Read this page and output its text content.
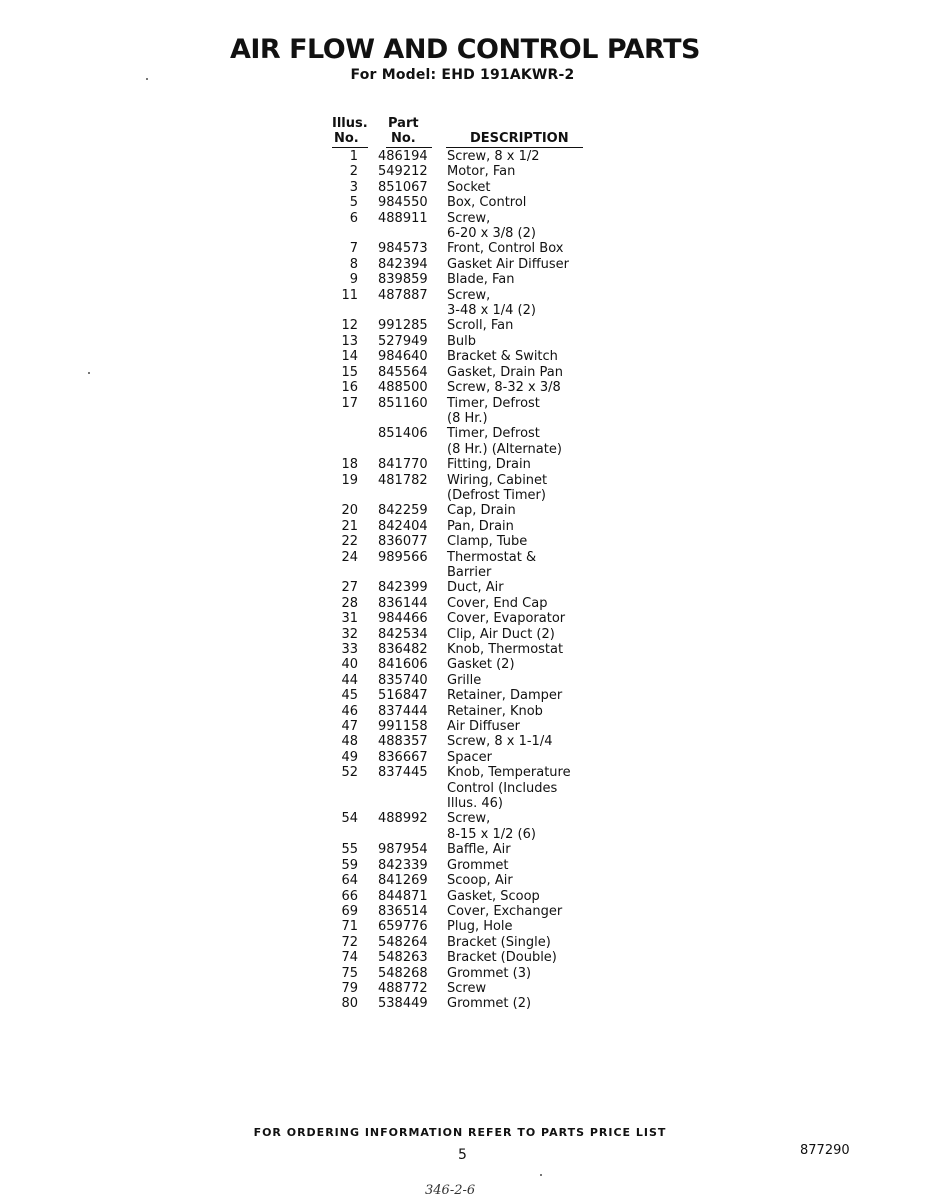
AIR FLOW AND CONTROL PARTS
For Model: EHD 191AKWR-2
Illus.
No.
Part
No.	DESCRIPTION
1 486194 Screw, 8 x 1/2
2 549212 Motor, Fan
3 851067 Socket
5 984550 Box, Control
6 488911 Screw,
6-20 x 3/8 (2)
7 984573 Front, Control Box
8 842394 Gasket Air Diffuser
9 839859 Blade, Fan
11 487887 Screw,
3-48 x 1/4 (2)
12 991285 Scroll, Fan
13 527949 Bulb
14 984640 Bracket & Switch
15 845564 Gasket, Drain Pan
16 488500 Screw, 8-32 x 3/8
17 851160 Timer, Defrost
(8 Hr.)
851406 Timer, Defrost
(8 Hr.) (Alternate)
18 841770 Fitting, Drain
19 481782 Wiring, Cabinet
(Defrost Timer)
20 842259 Cap, Drain
21 842404 Pan, Drain
22 836077 Clamp, Tube
24 989566 Thermostat &
Barrier
27 842399 Duct, Air
28 836144 Cover, End Cap
31 984466 Cover, Evaporator
32 842534 Clip, Air Duct (2)
33 836482 Knob, Thermostat
40 841606 Gasket (2)
44 835740 Grille
45 516847 Retainer, Damper
46 837444 Retainer, Knob
47 991158 Air Diffuser
48 488357 Screw, 8 x 1-1/4
49 836667 Spacer
52 837445 Knob, Temperature
Control (Includes
Illus. 46)
54 488992 Screw,
8-15 x 1/2 (6)
55 987954 Baffle, Air
59 842339 Grommet
64 841269 Scoop, Air
66 844871 Gasket, Scoop
69 836514 Cover, Exchanger
71 659776 Plug, Hole
72 548264 Bracket (Single)
74 548263 Bracket (Double)
75 548268 Grommet (3)
79 488772 Screw
80 538449 Grommet (2)
FOR ORDERING INFORMATION REFER TO PARTS PRICE LIST
5	877290
346-2-6
